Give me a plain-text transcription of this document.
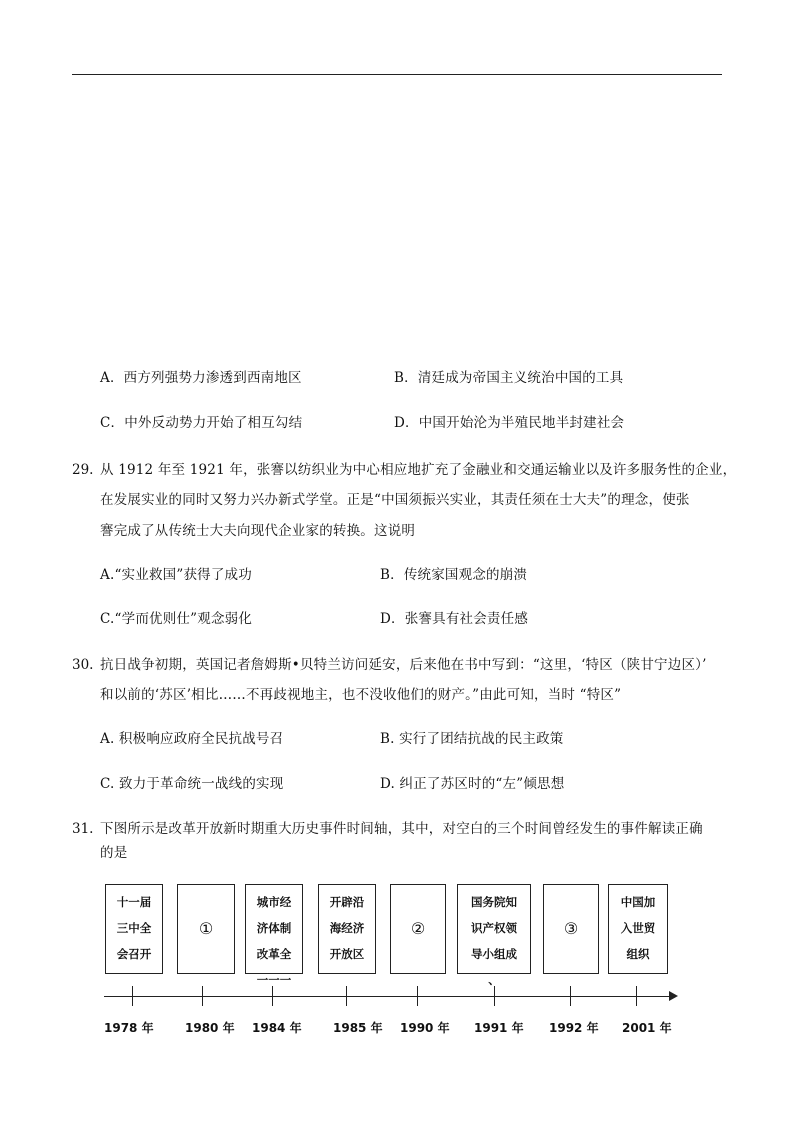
A．西方列强势力渗透到西南地区	B．清廷成为帝国主义统治中国的工具
C．中外反动势力开始了相互勾结	D．中国开始沦为半殖民地半封建社会
29. 从 1912 年至 1921 年，张謇以纺织业为中心相应地扩充了金融业和交通运输业以及许多服务性的企业，
在发展实业的同时又努力兴办新式学堂。正是“中国须振兴实业，其责任须在士大夫”的理念，使张
謇完成了从传统士大夫向现代企业家的转换。这说明
A.“实业救国”获得了成功	B．传统家国观念的崩溃
C.“学而优则仕”观念弱化	D．张謇具有社会责任感
30. 抗日战争初期，英国记者詹姆斯•贝特兰访问延安，后来他在书中写到：“这里，‘特区（陕甘宁边区）’
和以前的‘苏区’相比……不再歧视地主，也不没收他们的财产。”由此可知，当时 “特区”
A. 积极响应政府全民抗战号召	B. 实行了团结抗战的民主政策
C. 致力于革命统一战线的实现	D. 纠正了苏区时的“左”倾思想
31. 下图所示是改革开放新时期重大历史事件时间轴，其中，对空白的三个时间曾经发生的事件解读正确
的是
十一届
三中全
会召开
①
城市经
济体制
改革全
一一一
开辟沿
海经济
开放区
②
国务院知
识产权领
导小组成
、
③
中国加
入世贸
组织
1978 年	1980 年 1984 年	1985 年 1990 年 1991 年 1992 年 2001 年
